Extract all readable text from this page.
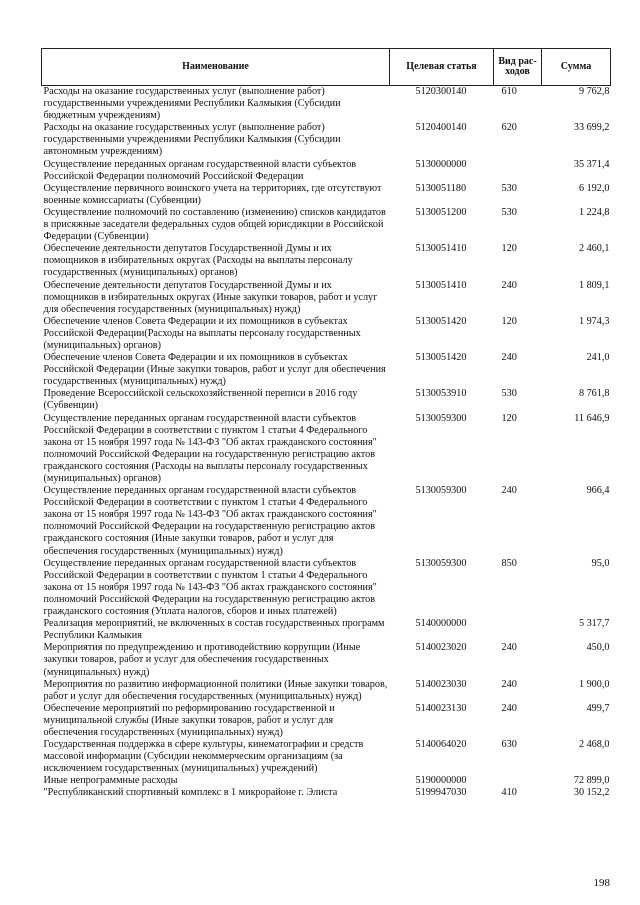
Наименование	Целевая статья	Вид рас-ходов	Сумма
Расходы на оказание государственных услуг (выполнение работ) государственными учреждениями Республики Калмыкия (Субсидии бюджетным учреждениям)	5120300140	610	9 762,8
Расходы на оказание государственных услуг (выполнение работ) государственными учреждениями Республики Калмыкия (Субсидии автономным учреждениям)	5120400140	620	33 699,2
Осуществление переданных органам государственной власти субъектов Российской Федерации полномочий Российской Федерации	5130000000		35 371,4
Осуществление первичного воинского учета на территориях, где отсутствуют военные комиссариаты (Субвенции)	5130051180	530	6 192,0
Осуществление полномочий по составлению (изменению) списков кандидатов в присяжные заседатели федеральных судов общей юрисдикции в Российской Федерации (Субвенции)	5130051200	530	1 224,8
Обеспечение деятельности депутатов Государственной Думы и их помощников в избирательных округах (Расходы на выплаты персоналу государственных (муниципальных) органов)	5130051410	120	2 460,1
Обеспечение деятельности депутатов Государственной Думы и их помощников в избирательных округах (Иные закупки товаров, работ и услуг для обеспечения государственных (муниципальных) нужд)	5130051410	240	1 809,1
Обеспечение членов Совета Федерации и их помощников в субъектах Российской Федерации(Расходы на выплаты персоналу государственных (муниципальных) органов)	5130051420	120	1 974,3
Обеспечение членов Совета Федерации и их помощников в субъектах Российской Федерации (Иные закупки товаров, работ и услуг для обеспечения государственных (муниципальных) нужд)	5130051420	240	241,0
Проведение Всероссийской сельскохозяйственной переписи в 2016 году (Субвенции)	5130053910	530	8 761,8
Осуществление переданных органам государственной власти субъектов Российской Федерации в соответствии с пунктом 1 статьи 4 Федерального закона от 15 ноября 1997 года № 143-ФЗ "Об актах гражданского состояния" полномочий Российской Федерации на государственную регистрацию актов гражданского состояния (Расходы на выплаты персоналу государственных (муниципальных) органов)	5130059300	120	11 646,9
Осуществление переданных органам государственной власти субъектов Российской Федерации в соответствии с пунктом 1 статьи 4 Федерального закона от 15 ноября 1997 года № 143-ФЗ "Об актах гражданского состояния" полномочий Российской Федерации на государственную регистрацию актов гражданского состояния (Иные закупки товаров, работ и услуг для обеспечения государственных (муниципальных) нужд)	5130059300	240	966,4
Осуществление переданных органам государственной власти субъектов Российской Федерации в соответствии с пунктом 1 статьи 4 Федерального закона от 15 ноября 1997 года № 143-ФЗ "Об актах гражданского состояния" полномочий Российской Федерации на государственную регистрацию актов гражданского состояния (Уплата налогов, сборов и иных платежей)	5130059300	850	95,0
Реализация мероприятий, не включенных в состав государственных программ Республики Калмыкия	5140000000		5 317,7
Мероприятия по предупреждению и противодействию коррупции (Иные закупки товаров, работ и услуг для обеспечения государственных (муниципальных) нужд)	5140023020	240	450,0
Мероприятия по развитию информационной политики (Иные закупки товаров, работ и услуг для обеспечения государственных (муниципальных) нужд)	5140023030	240	1 900,0
Обеспечение мероприятий по реформированию государственной и муниципальной службы (Иные закупки товаров, работ и услуг для обеспечения государственных (муниципальных) нужд)	5140023130	240	499,7
Государственная поддержка в сфере культуры, кинематографии и средств массовой информации (Субсидии некоммерческим организациям (за исключением государственных (муниципальных) учреждений)	5140064020	630	2 468,0
Иные непрограммные расходы	5190000000		72 899,0
"Республиканский спортивный комплекс в 1 микрорайоне г. Элиста	5199947030	410	30 152,2
198
